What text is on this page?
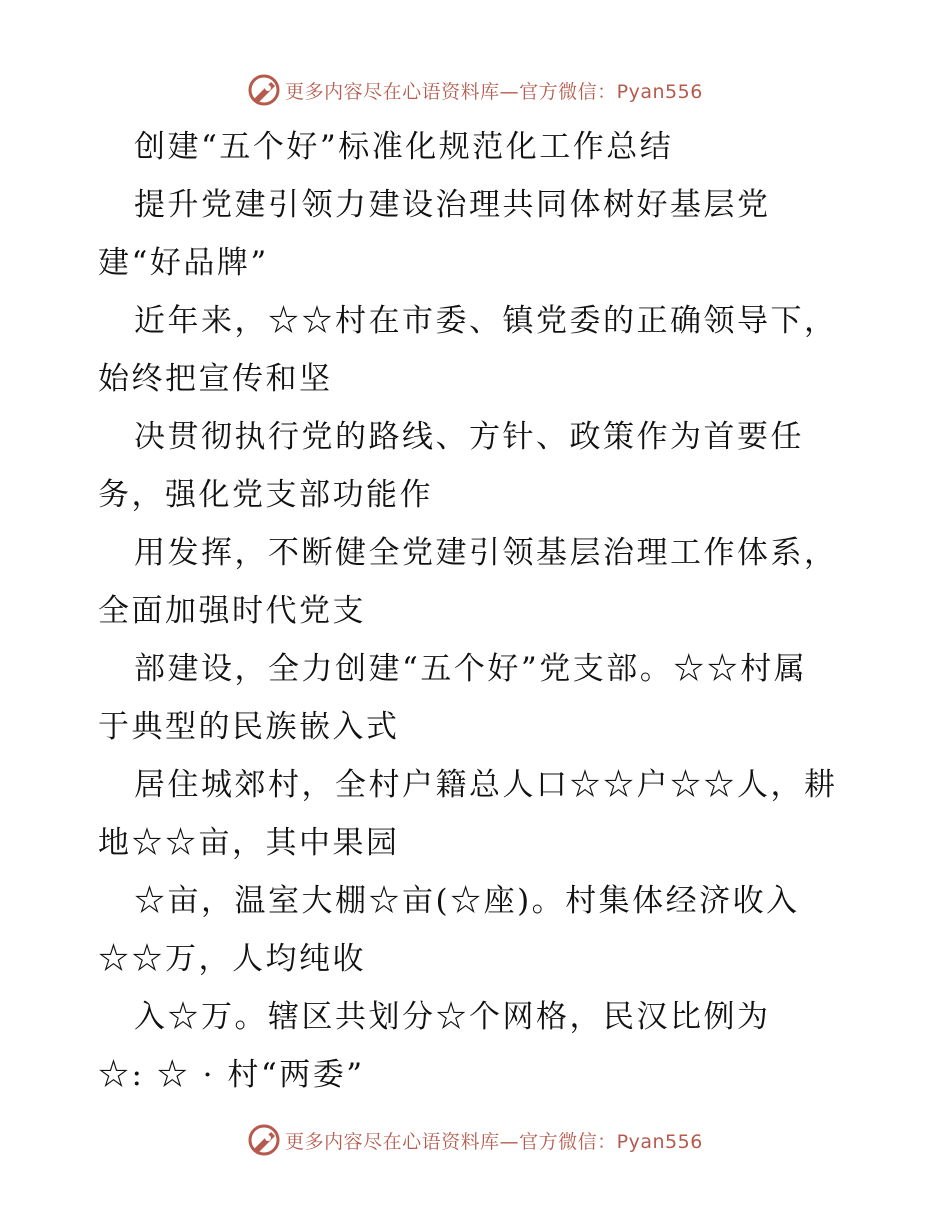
更多内容尽在心语资料库—官方微信：Pyan556
创建“五个好”标准化规范化工作总结
提升党建引领力建设治理共同体树好基层党
建“好品牌”
近年来，☆☆村在市委、镇党委的正确领导下，
始终把宣传和坚
决贯彻执行党的路线、方针、政策作为首要任
务，强化党支部功能作
用发挥，不断健全党建引领基层治理工作体系，
全面加强时代党支
部建设，全力创建“五个好”党支部。☆☆村属
于典型的民族嵌入式
居住城郊村，全村户籍总人口☆☆户☆☆人，耕
地☆☆亩，其中果园
☆亩，温室大棚☆亩(☆座)。村集体经济收入
☆☆万，人均纯收
入☆万。辖区共划分☆个网格，民汉比例为
☆: ☆ · 村“两委”
更多内容尽在心语资料库—官方微信：Pyan556
